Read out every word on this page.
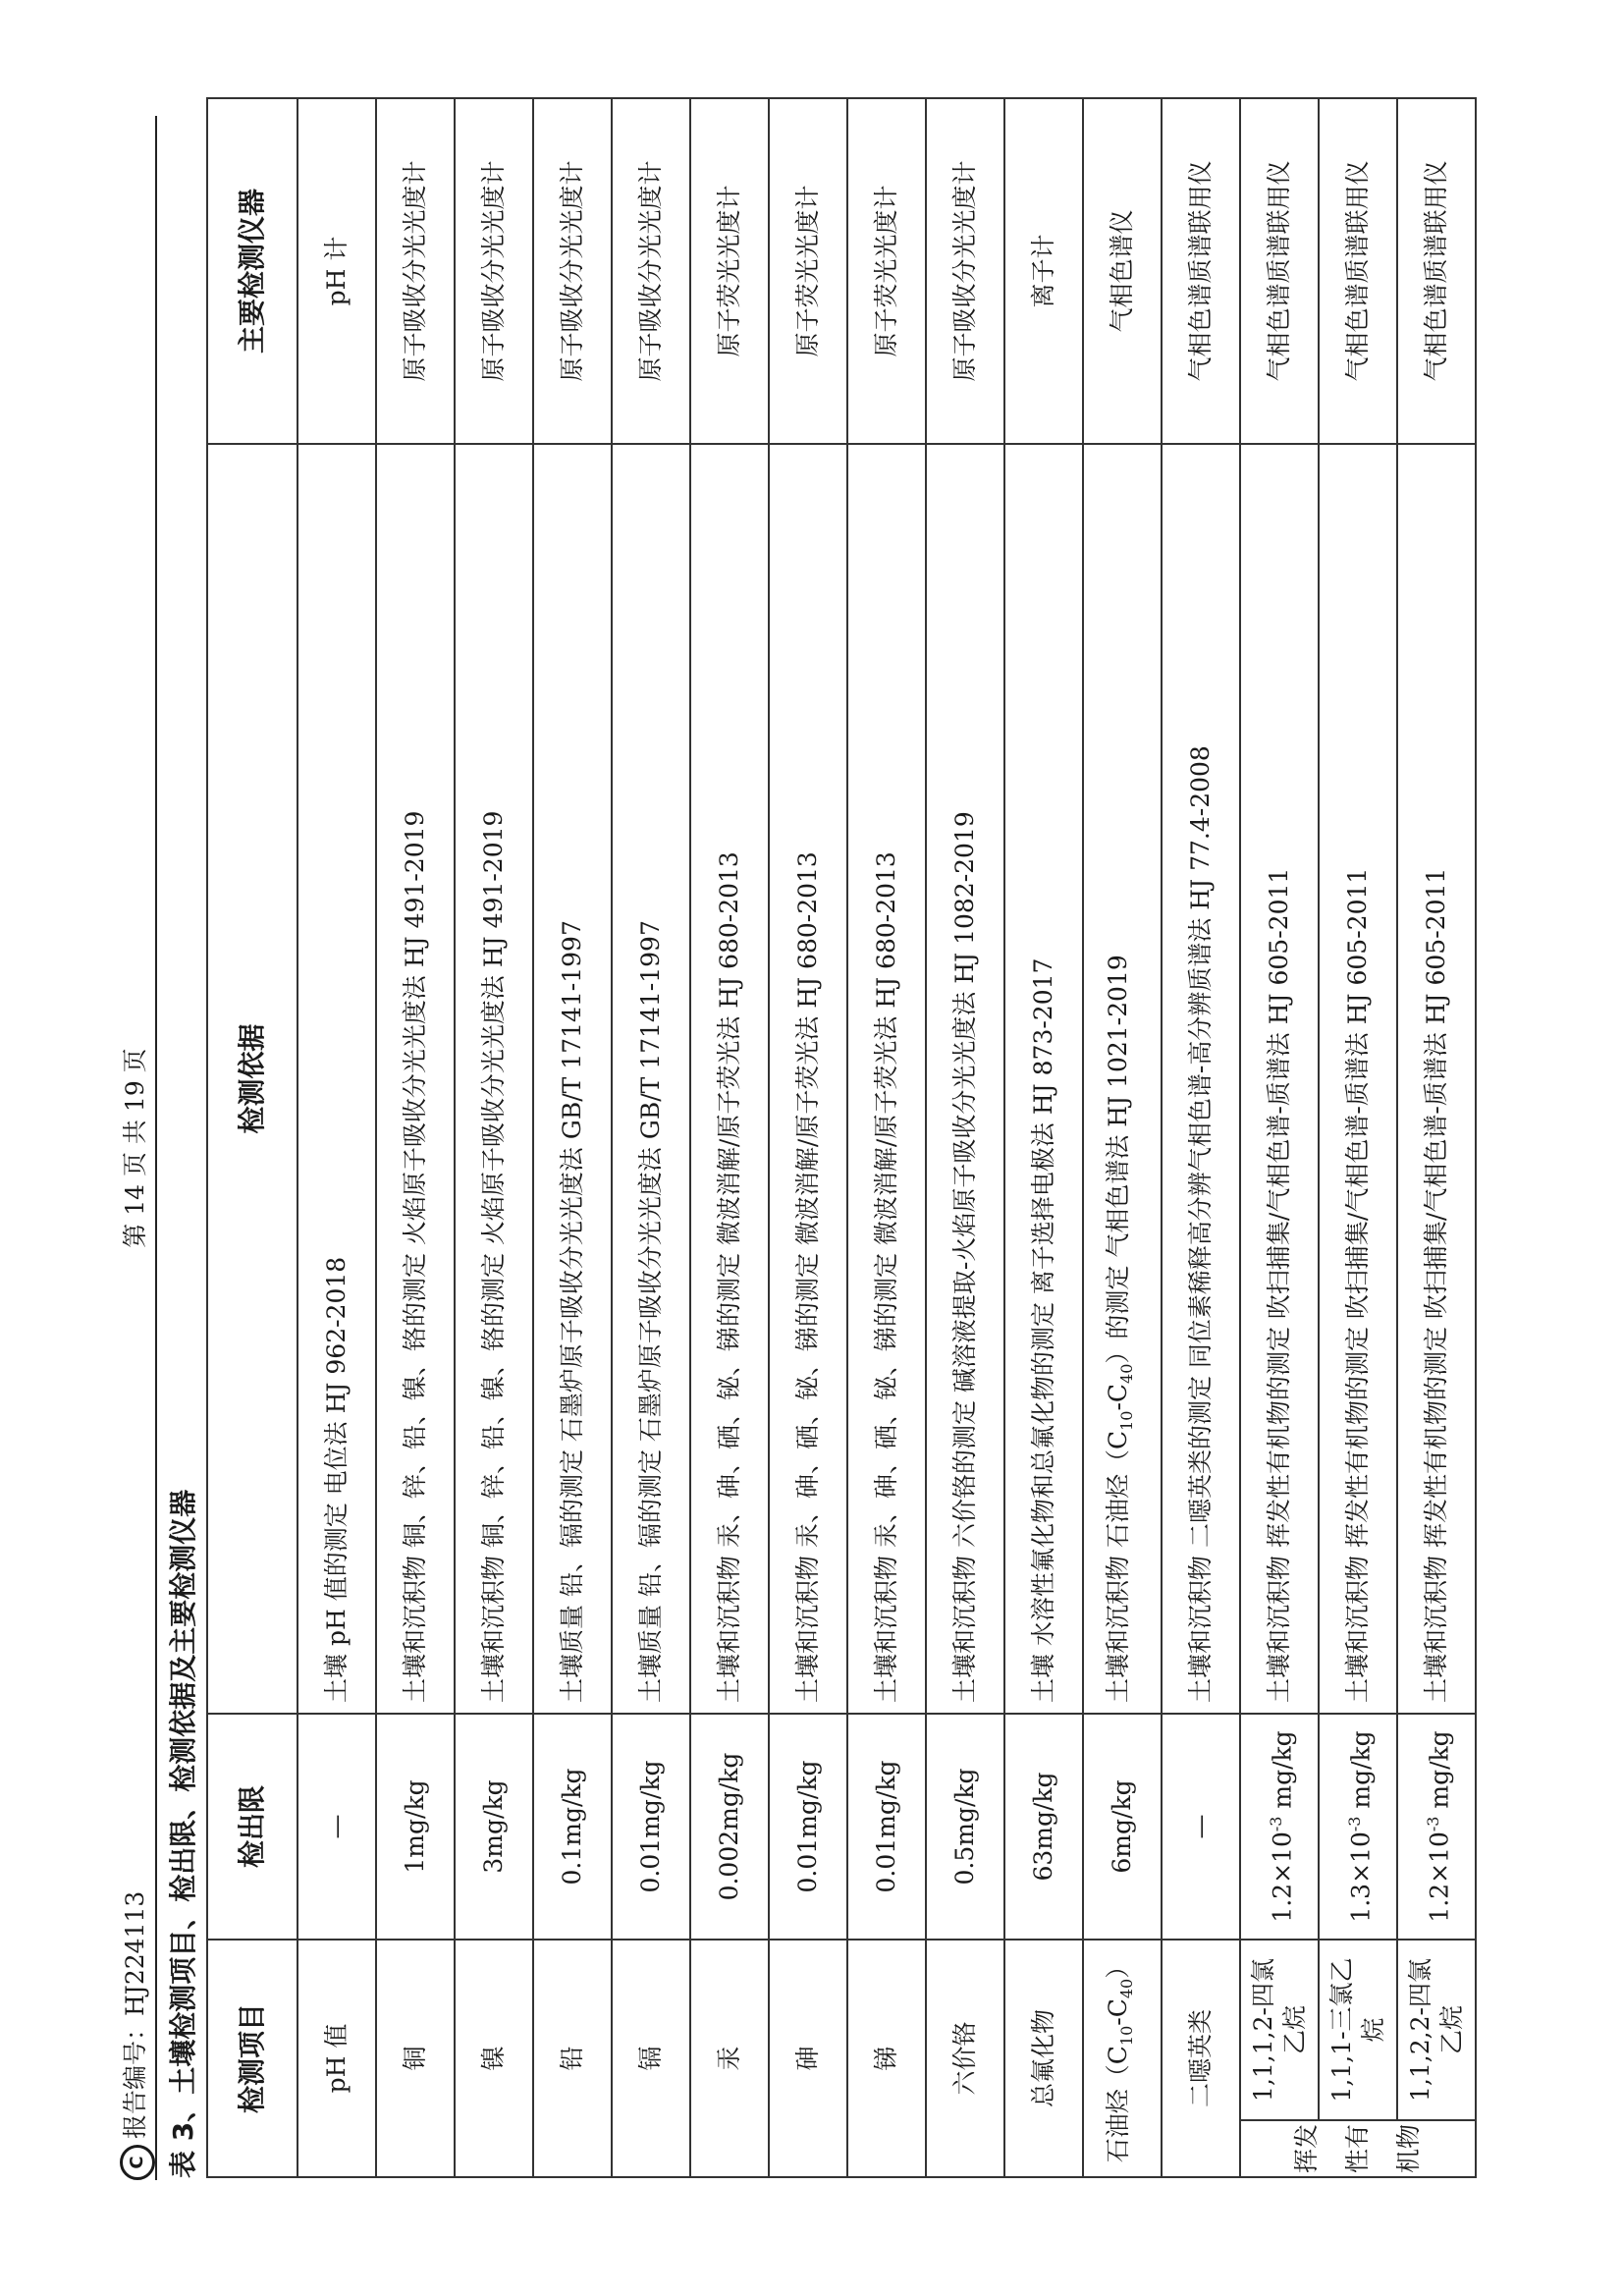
C报告编号：HJ224113
第 14 页 共 19 页
表 3、土壤检测项目、检出限、检测依据及主要检测仪器 检测项目		检出限	检测依据	主要检测仪器
pH 值		—	土壤 pH 值的测定 电位法 HJ 962-2018	pH 计
铜		1mg/kg	土壤和沉积物 铜、锌、铅、镍、铬的测定 火焰原子吸收分光光度法 HJ 491-2019	原子吸收分光光度计
镍		3mg/kg	土壤和沉积物 铜、锌、铅、镍、铬的测定 火焰原子吸收分光光度法 HJ 491-2019	原子吸收分光光度计
铅		0.1mg/kg	土壤质量 铅、镉的测定 石墨炉原子吸收分光光度法 GB/T 17141-1997	原子吸收分光光度计
镉		0.01mg/kg	土壤质量 铅、镉的测定 石墨炉原子吸收分光光度法 GB/T 17141-1997	原子吸收分光光度计
汞		0.002mg/kg	土壤和沉积物 汞、砷、硒、铋、锑的测定 微波消解/原子荧光法 HJ 680-2013	原子荧光光度计
砷		0.01mg/kg	土壤和沉积物 汞、砷、硒、铋、锑的测定 微波消解/原子荧光法 HJ 680-2013	原子荧光光度计
锑		0.01mg/kg	土壤和沉积物 汞、砷、硒、铋、锑的测定 微波消解/原子荧光法 HJ 680-2013	原子荧光光度计
六价铬		0.5mg/kg	土壤和沉积物 六价铬的测定 碱溶液提取-火焰原子吸收分光光度法 HJ 1082-2019	原子吸收分光光度计
总氟化物		63mg/kg	土壤 水溶性氟化物和总氟化物的测定 离子选择电极法 HJ 873-2017	离子计
石油烃$(C_{10}-C_{40})$		6mg/kg	土壤和沉积物 石油烃$(C_{10}-C_{40})$的测定 气相色谱法 HJ 1021-2019	气相色谱仪
二噁英类		—	土壤和沉积物 二噁英类的测定 同位素稀释高分辨气相色谱-高分辨质谱法 HJ 77.4-2008	气相色谱质谱联用仪

挥发 性有 机物	1,1,1,2-四氯乙烷	$1.2\times 10^{-3}$ mg/kg	土壤和沉积物 挥发性有机物的测定 吹扫捕集/气相色谱-质谱法 HJ 605-2011	气相色谱质谱联用仪
	1,1,1-三氯乙烷	$1.3\times 10^{-3}$ mg/kg	土壤和沉积物 挥发性有机物的测定 吹扫捕集/气相色谱-质谱法 HJ 605-2011	气相色谱质谱联用仪
	1,1,2,2-四氯乙烷	$1.2\times 10^{-3}$ mg/kg	土壤和沉积物 挥发性有机物的测定 吹扫捕集/气相色谱-质谱法 HJ 605-2011	气相色谱质谱联用仪
